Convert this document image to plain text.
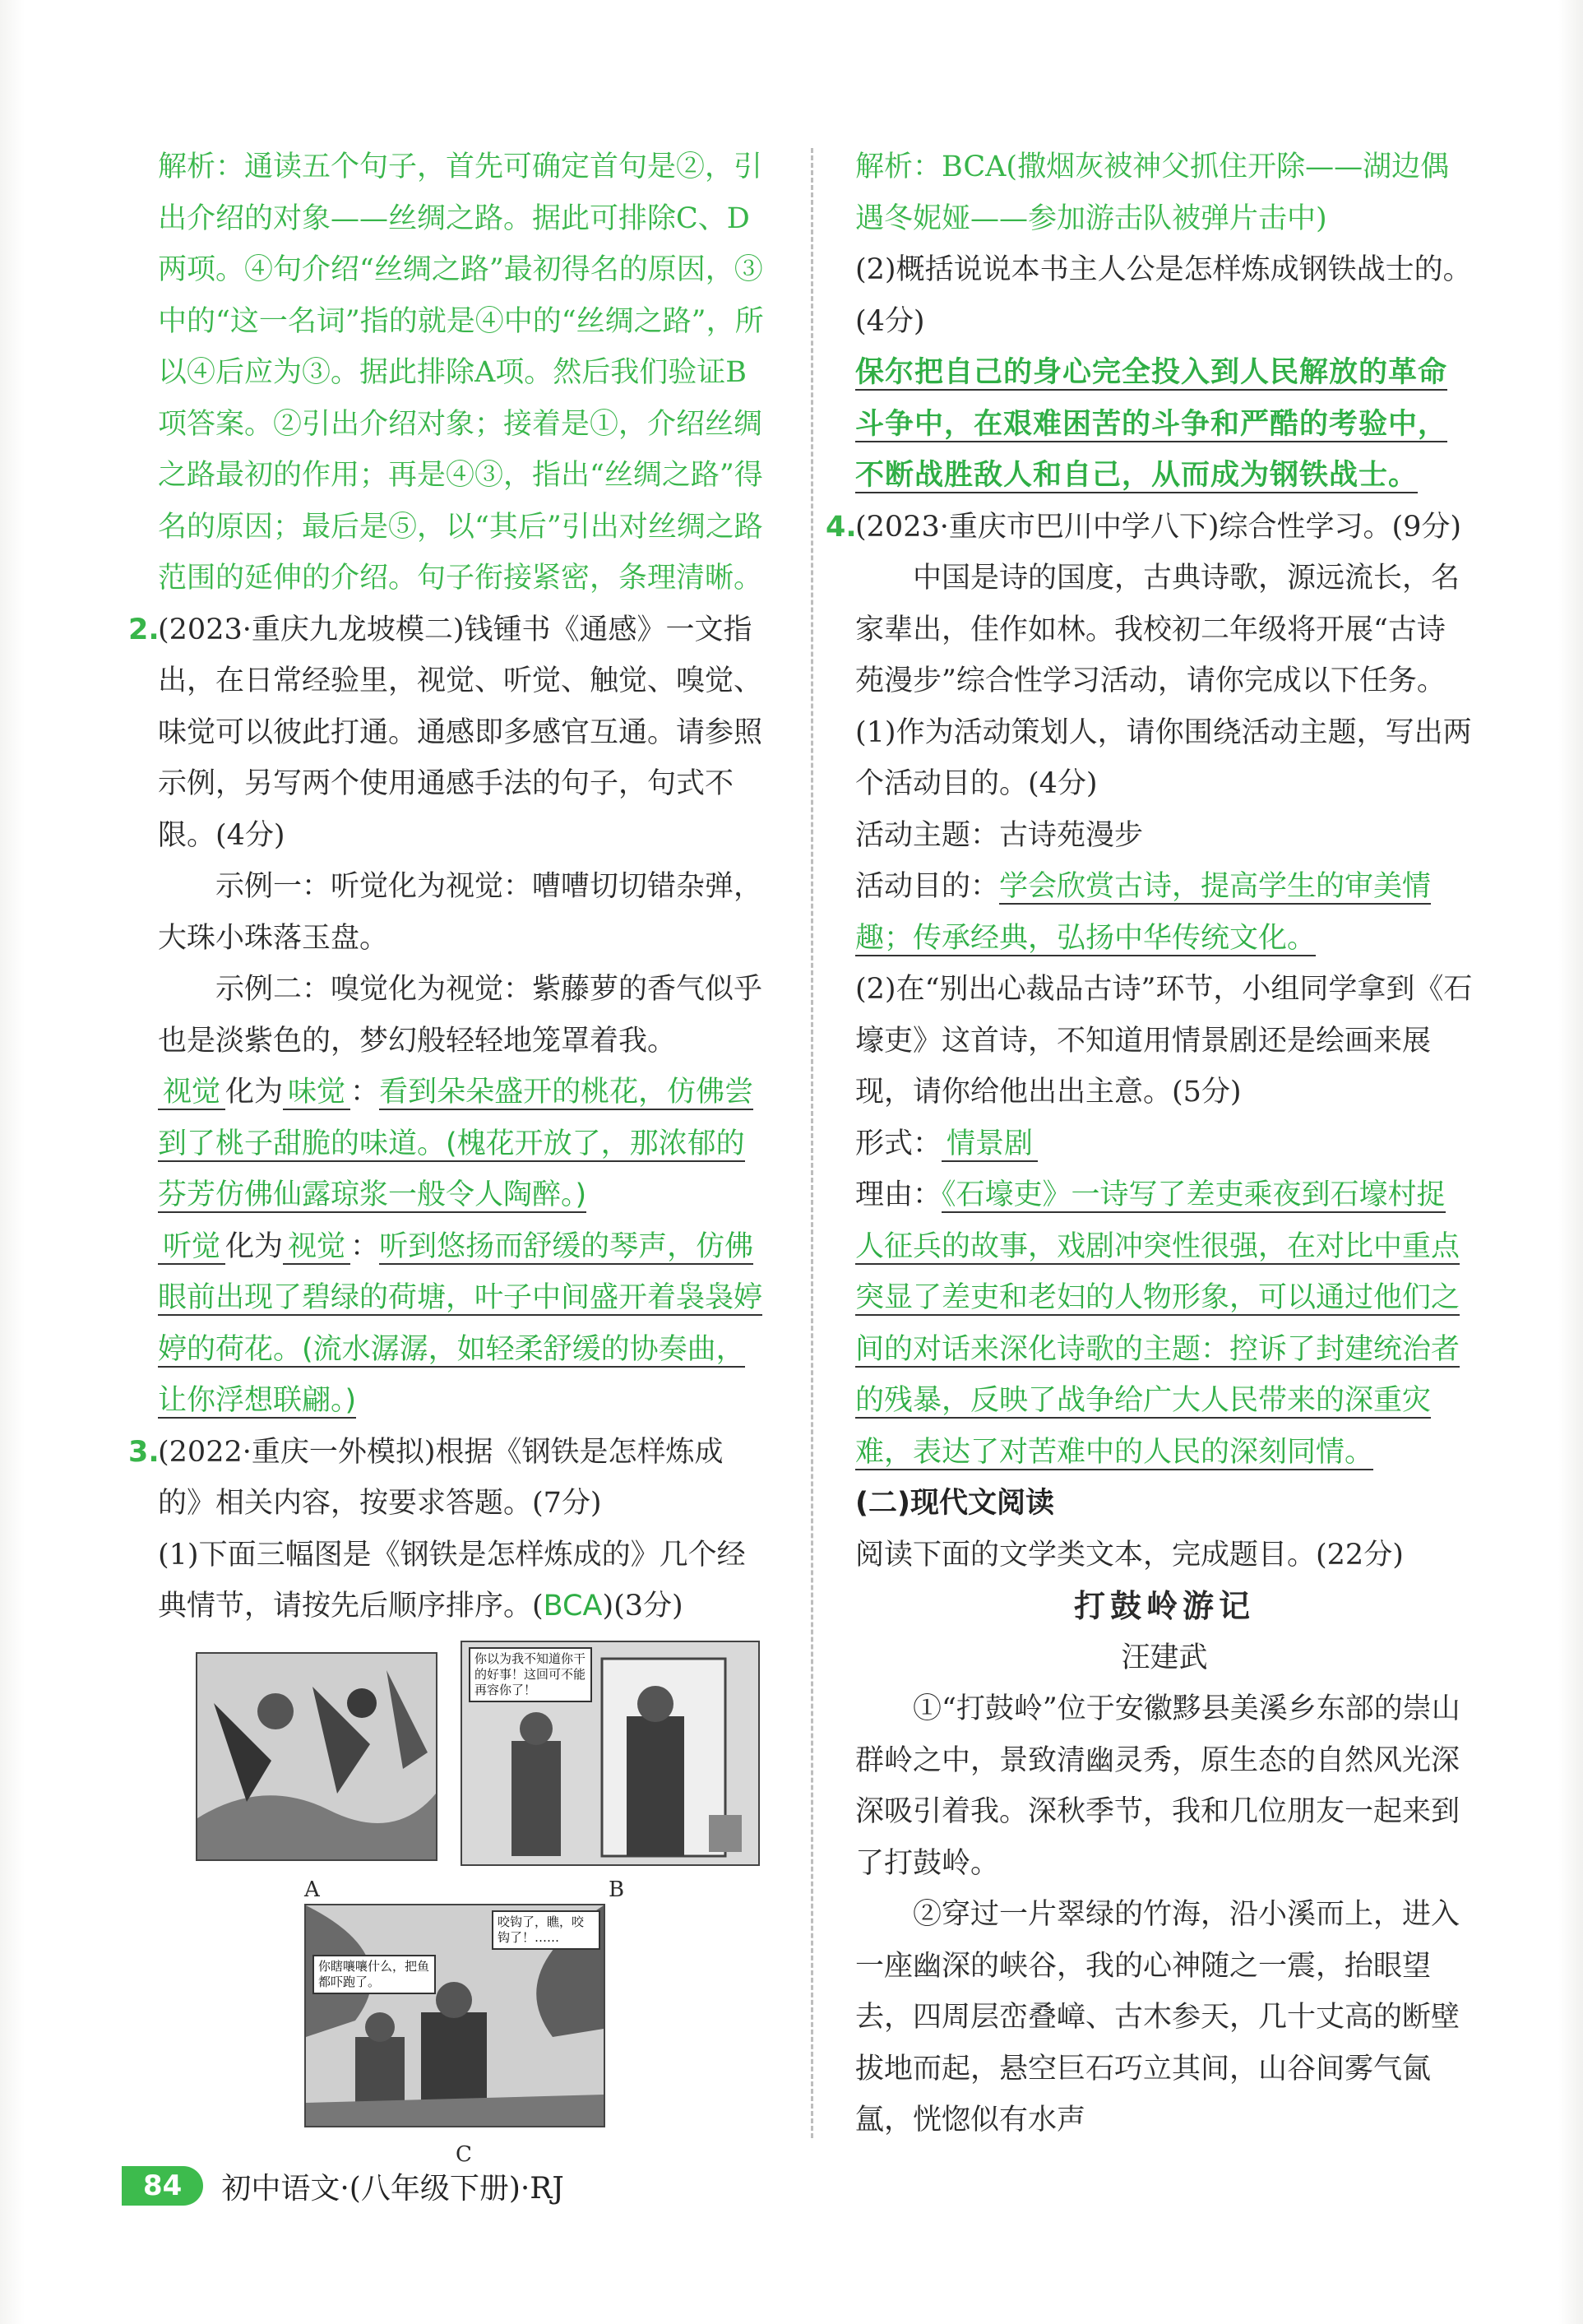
解析：通读五个句子，首先可确定首句是②，引出介绍的对象——丝绸之路。据此可排除C、D两项。④句介绍“丝绸之路”最初得名的原因，③中的“这一名词”指的就是④中的“丝绸之路”，所以④后应为③。据此排除A项。然后我们验证B项答案。②引出介绍对象；接着是①，介绍丝绸之路最初的作用；再是④③，指出“丝绸之路”得名的原因；最后是⑤，以“其后”引出对丝绸之路范围的延伸的介绍。句子衔接紧密，条理清晰。

2.(2023·重庆九龙坡模二)钱锺书《通感》一文指出，在日常经验里，视觉、听觉、触觉、嗅觉、味觉可以彼此打通。通感即多感官互通。请参照示例，另写两个使用通感手法的句子，句式不限。(4分)

示例一：听觉化为视觉：嘈嘈切切错杂弹，大珠小珠落玉盘。

示例二：嗅觉化为视觉：紫藤萝的香气似乎也是淡紫色的，梦幻般轻轻地笼罩着我。

视觉 化为 味觉 ：看到朵朵盛开的桃花，仿佛尝到了桃子甜脆的味道。(槐花开放了，那浓郁的芬芳仿佛仙露琼浆一般令人陶醉。)

听觉 化为 视觉 ：听到悠扬而舒缓的琴声，仿佛眼前出现了碧绿的荷塘，叶子中间盛开着袅袅婷婷的荷花。(流水潺潺，如轻柔舒缓的协奏曲，让你浮想联翩。)

3.(2022·重庆一外模拟)根据《钢铁是怎样炼成的》相关内容，按要求答题。(7分)

(1)下面三幅图是《钢铁是怎样炼成的》几个经典情节，请按先后顺序排序。(BCA)(3分)

A
你以为我不知道你干的好事！这回可不能再容你了！
B
咬钩了，瞧，咬钩了！……
你瞎嚷嚷什么，把鱼都吓跑了。
C

解析：BCA(撒烟灰被神父抓住开除——湖边偶遇冬妮娅——参加游击队被弹片击中)

(2)概括说说本书主人公是怎样炼成钢铁战士的。(4分)

保尔把自己的身心完全投入到人民解放的革命斗争中，在艰难困苦的斗争和严酷的考验中，不断战胜敌人和自己，从而成为钢铁战士。

4.(2023·重庆市巴川中学八下)综合性学习。(9分)

中国是诗的国度，古典诗歌，源远流长，名家辈出，佳作如林。我校初二年级将开展“古诗苑漫步”综合性学习活动，请你完成以下任务。

(1)作为活动策划人，请你围绕活动主题，写出两个活动目的。(4分)

活动主题：古诗苑漫步

活动目的：学会欣赏古诗，提高学生的审美情趣；传承经典，弘扬中华传统文化。

(2)在“别出心裁品古诗”环节，小组同学拿到《石壕吏》这首诗，不知道用情景剧还是绘画来展现，请你给他出出主意。(5分)

形式： 情景剧

理由：《石壕吏》一诗写了差吏乘夜到石壕村捉人征兵的故事，戏剧冲突性很强，在对比中重点突显了差吏和老妇的人物形象，可以通过他们之间的对话来深化诗歌的主题：控诉了封建统治者的残暴，反映了战争给广大人民带来的深重灾难，表达了对苦难中的人民的深刻同情。

(二)现代文阅读

阅读下面的文学类文本，完成题目。(22分)

打鼓岭游记

汪建武

①“打鼓岭”位于安徽黟县美溪乡东部的崇山群岭之中，景致清幽灵秀，原生态的自然风光深深吸引着我。深秋季节，我和几位朋友一起来到了打鼓岭。

②穿过一片翠绿的竹海，沿小溪而上，进入一座幽深的峡谷，我的心神随之一震，抬眼望去，四周层峦叠嶂、古木参天，几十丈高的断壁拔地而起，悬空巨石巧立其间，山谷间雾气氤氲，恍惚似有水声

84	初中语文·(八年级下册)·RJ
